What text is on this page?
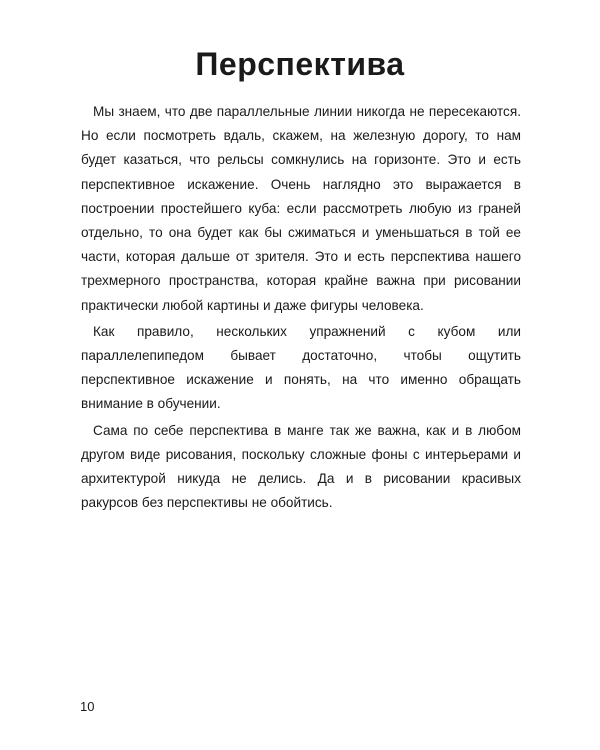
Перспектива

Мы знаем, что две параллельные линии никогда не пересекаются. Но если посмотреть вдаль, скажем, на железную дорогу, то нам будет казаться, что рельсы сомкнулись на горизонте. Это и есть перспективное искажение. Очень наглядно это выражается в построении простейшего куба: если рассмотреть любую из граней отдельно, то она будет как бы сжиматься и уменьшаться в той ее части, которая дальше от зрителя. Это и есть перспектива нашего трехмерного пространства, которая крайне важна при рисовании практически любой картины и даже фигуры человека.

Как правило, нескольких упражнений с кубом или параллелепипедом бывает достаточно, чтобы ощутить перспективное искажение и понять, на что именно обращать внимание в обучении.

Сама по себе перспектива в манге так же важна, как и в любом другом виде рисования, поскольку сложные фоны с интерьерами и архитектурой никуда не делись. Да и в рисовании красивых ракурсов без перспективы не обойтись.

10
